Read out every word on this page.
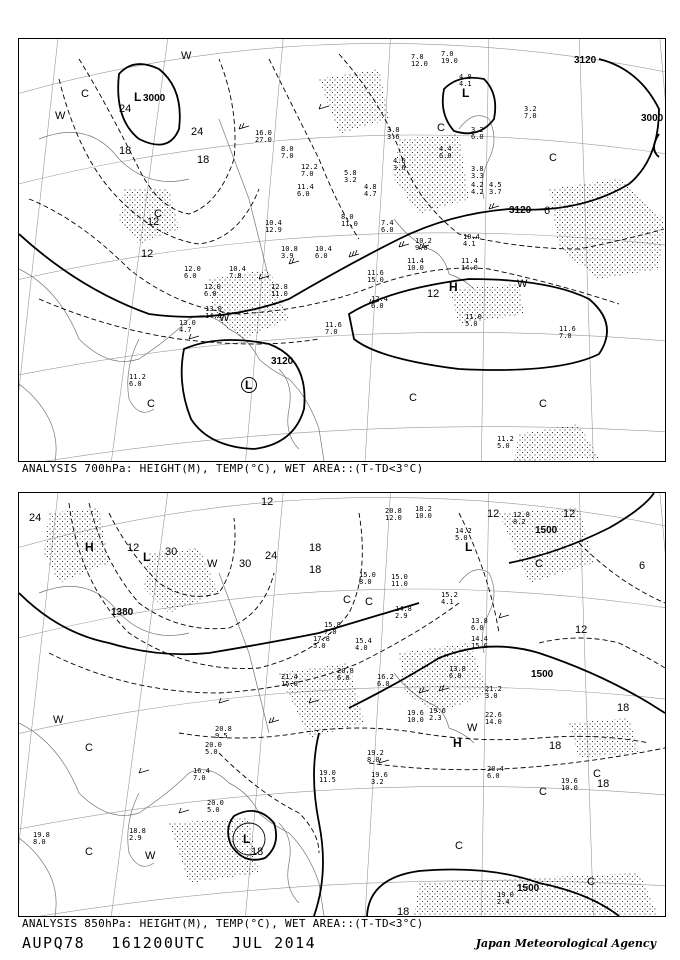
7.8
12.0
7.0
19.0
4.0
4.1
3.2
7.0
3.8
3.6
3.2
6.0
4.4
6.0
4.6
3.6	3.8
3.3
4.2
4.2
4.5
3.7
16.0
27.0
8.0
7.0
12.2
7.0
11.4
6.0
5.8
3.2
4.8
4.7
8.0
11.0	7.4
6.0
10.4
12.9
10.8
3.9
10.4
6.0
10.2
9.0
10.4
4.1
11.4
10.0
11.4
14.0
11.6
15.0
12.8
11.0
12.4
6.0
12.0
6.0
13.0
14.0	11.0
5.0
11.6
7.0
11.6
7.0
11.2
6.0
11.2
5.0
12.0
6.0
10.4
7.8
13.0
4.7
3000
3120
3120
3000
3120
24
24
18
18
12
12
6
12
L	L
L
H
W
W
W
W
C
C
C
C
C	C	C
ANALYSIS 700hPa: HEIGHT(M), TEMP(°C), WET AREA::(T-TD<3°C)
20.8
12.0
18.2
10.0	12.8
8.2
14.2
5.0
15.0
8.0
15.0
11.0
15.2
4.1
14.8
2.9
13.8
6.0
14.4
15.6
15.8
7.0
17.8
5.0
15.4
4.0
13.8
6.0
21.4
15.0
20.8
6.0	16.2
6.0
21.2
3.0
22.6
14.0
19.6
2.3
19.6
10.0
20.4
6.0
19.6
10.0
19.2
8.0
19.6
3.2
19.0
11.5
20.0
5.0
20.0
5.0
18.8
2.9
19.8
8.0
19.0
2.4
20.8
9.5
16.4
7.0
1500
1500
1500
1380
24
12 30
30
24
18
12
18
18
18
18
18
12
18
12
6
12
H
H
L
L
L
W
W
W
W
C
C
C C
C
C
C
C
C
ANALYSIS 850hPa: HEIGHT(M), TEMP(°C), WET AREA::(T-TD<3°C)
AUPQ78 161200UTC JUL 2014	Japan Meteorological Agency
